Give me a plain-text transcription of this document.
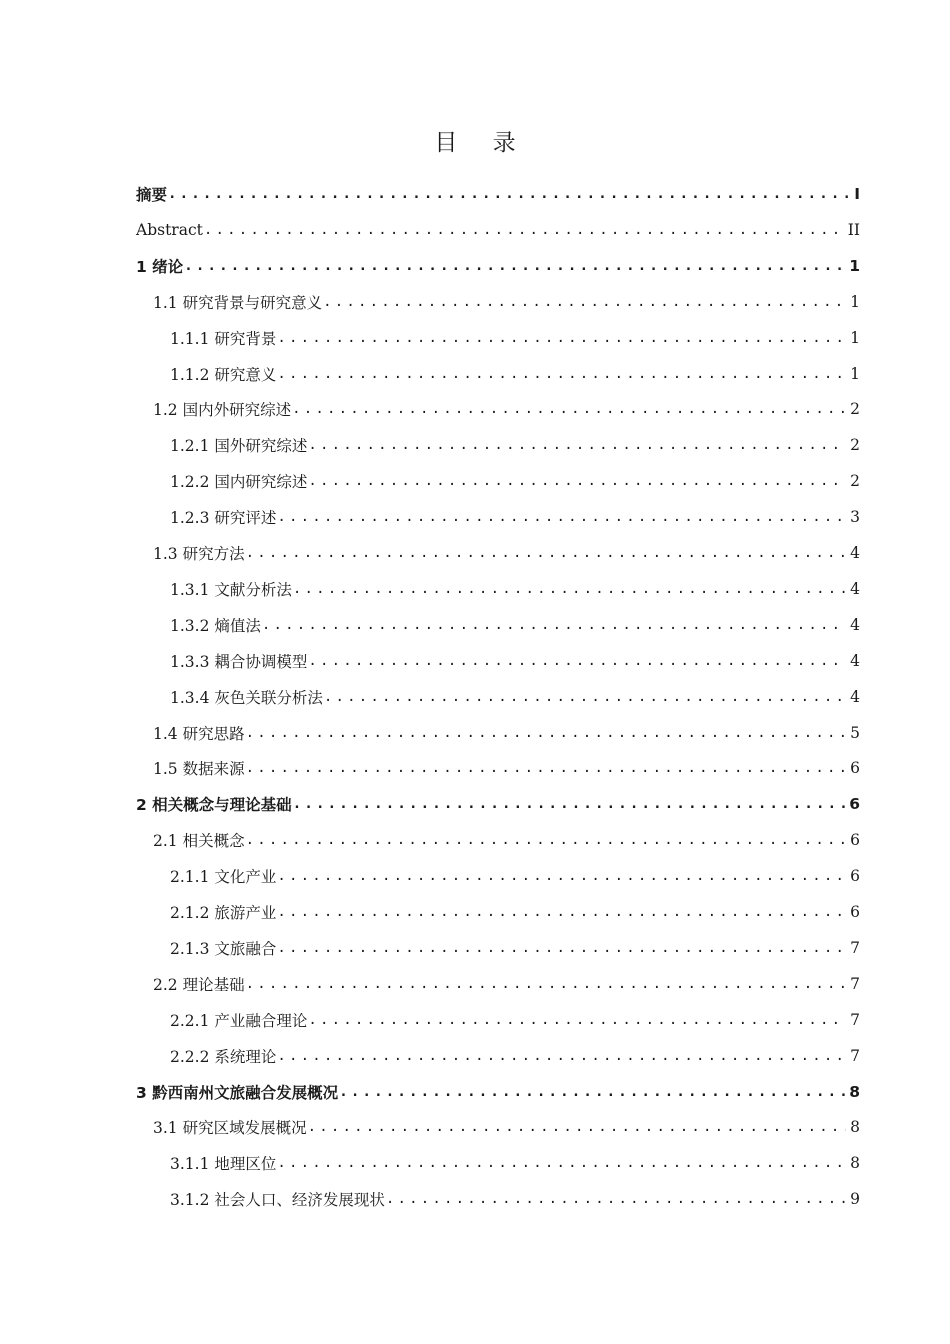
目 录
摘要 .....	I
Abstract .....	II
1 绪论 .....	1
1.1 研究背景与研究意义 .....	1
1.1.1 研究背景 .....	1
1.1.2 研究意义 .....	1
1.2 国内外研究综述 .....	2
1.2.1 国外研究综述 .....	2
1.2.2 国内研究综述 .....	2
1.2.3 研究评述 .....	3
1.3 研究方法 .....	4
1.3.1 文献分析法 .....	4
1.3.2 熵值法 .....	4
1.3.3 耦合协调模型 .....	4
1.3.4 灰色关联分析法 .....	4
1.4 研究思路 .....	5
1.5 数据来源 .....	6
2 相关概念与理论基础 .....	6
2.1 相关概念 .....	6
2.1.1 文化产业 .....	6
2.1.2 旅游产业 .....	6
2.1.3 文旅融合 .....	7
2.2 理论基础 .....	7
2.2.1 产业融合理论 .....	7
2.2.2 系统理论 .....	7
3 黔西南州文旅融合发展概况 .....	8
3.1 研究区域发展概况 .....	8
3.1.1 地理区位 .....	8
3.1.2 社会人口、经济发展现状 .....	9
